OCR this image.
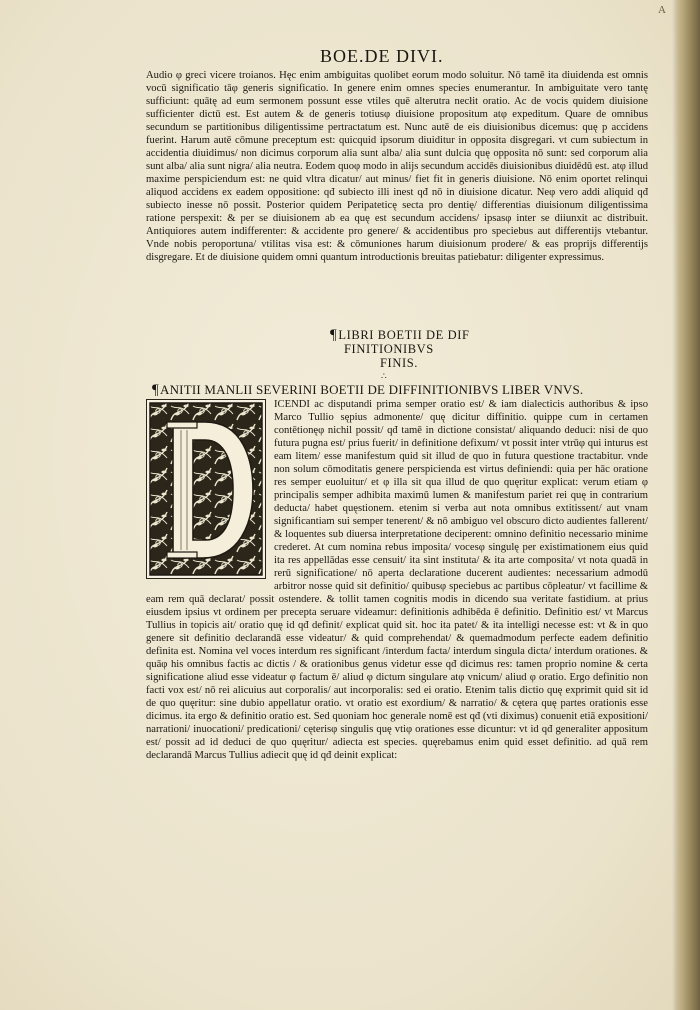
A
BOE.DE DIVI.

Audio φ greci vicere troianos. Hęc enim ambiguitas quolibet eorum modo soluitur. Nō tamē ita diuidenda est omnis vocū significatio tāφ generis significatio. In genere enim omnes species enumerantur. In ambiguitate vero tantę sufficiunt: quātę ad eum sermonem possunt esse vtiles quē alterutra necłit oratio. Ac de vocis quidem diuisione sufficienter dictū est. Est autem & de generis totiusφ diuisione propositum atφ expeditum. Quare de omnibus secundum se partitionibus diligentissime pertractatum est. Nunc autē de eis diuisionibus dicemus: quę p accidens fuerint. Harum autē cōmune preceptum est: quicquid ipsorum diuiditur in opposita disgregari. vt cum subiectum in accidentia diuidimus/ non dicimus corporum alia sunt alba/ alia sunt dulcia quę opposita nō sunt: sed corporum alia sunt alba/ alia sunt nigra/ alia neutra. Eodem quoφ modo in alijs secundum accidēs diuisionibus diuidēdū est. atφ illud maxime perspiciendum est: ne quid vltra dicatur/ aut minus/ fiet fit in generis diuisione. Nō enim oportet relinqui aliquod accidens ex eadem oppositione: qđ subiecto illi inest qđ nō in diuisione dicatur. Neφ vero addi aliquid qđ subiecto inesse nō possit. Posterior quidem Peripateticę secta pro dentię/ differentias diuisionum diligentissima ratione perspexit: & per se diuisionem ab ea quę est secundum accidens/ ipsasφ inter se diiunxit ac distribuit. Antiquiores autem indifferenter: & accidente pro genere/ & accidentibus pro speciebus aut differentijs vtebantur. Vnde nobis peroportuna/ vtilitas visa est: & cōmuniones harum diuisionum prodere/ & eas proprijs differentijs disgregare. Et de diuisione quidem omni quantum introductionis breuitas patiebatur: diligenter expressimus.

¶LIBRI BOETII DE DIF
FINITIONIBVS
FINIS.
∴
¶ANITII MANLII SEVERINI BOETII DE DIFFINITIONIBVS LIBER VNVS.

ICENDI ac disputandi prima semper oratio est/ & iam dialecticis authoribus & ipso Marco Tullio sępius admonente/ quę dicitur diffinitio. quippe cum in certamen contētionęφ nichil possit/ qđ tamē in dictione consistat/ aliquando deduci: nisi de quo futura pugna est/ prius fuerit/ in definitione defixum/ vt possit inter vtrūφ qui inturus est eam litem/ esse manifestum quid sit illud de quo in futura questione tractabitur. vnde non solum cōmoditatis genere perspicienda est virtus definiendi: quia per hāc oratione res semper euoluitur/ et φ illa sit qua illud de quo quęritur explicat: verum etiam φ principalis semper adhibita maximū lumen & manifestum pariet rei quę in contrarium deducta/ habet quęstionem. etenim si verba aut nota omnibus extitissent/ aut vnam significantiam sui semper tenerent/ & nō ambiguo vel obscuro dicto audientes fallerent/ & loquentes sub diuersa interpretatione deciperent: omnino definitio necessario minime crederet. At cum nomina rebus imposita/ vocesφ singulę per existimationem eius quid ita res appellādas esse censuit/ ita sint instituta/ & ita arte composita/ vt nota quadā in rerū significatione/ nō aperta declaratione ducerent audientes: necessarium admodū arbitror nosse quid sit definitio/ quibusφ speciebus ac partibus cōpleatur/ vt facillime & eam rem quā declarat/ possit ostendere. & tollit tamen cognitis modis in dicendo sua veritate fastidium. at prius eiusdem ipsius vt ordinem per precepta seruare videamur: definitionis adhibēda ē definitio. Definitio est/ vt Marcus Tullius in topicis ait/ oratio quę id qđ definit/ explicat quid sit. hoc ita patet/ & ita intelligi necesse est: vt & in quo genere sit definitio declarandā esse videatur/ & quid comprehendat/ & quemadmodum perfecte eadem definitio definita est. Nomina vel voces interdum res significant /interdum facta/ interdum singula dicta/ interdum orationes. & quāφ his omnibus factis ac dictis / & orationibus genus videtur esse qđ dicimus res: tamen proprio nomine & certa significatione aliud esse videatur φ factum ē/ aliud φ dictum singulare atφ vnicum/ aliud φ oratio. Ergo definitio non facti vox est/ nō rei alicuius aut corporalis/ aut incorporalis: sed ei oratio. Etenim talis dictio quę exprimit quid sit id de quo quęritur: sine dubio appellatur oratio. vt oratio est exordium/ & narratio/ & cętera quę partes orationis esse dicimus. ita ergo & definitio oratio est. Sed quoniam hoc generale nomē est qđ (vti diximus) conuenit etiā expositioni/ narrationi/ inuocationi/ predicationi/ cęterisφ singulis quę vtiφ orationes esse dicuntur: vt id qđ generaliter appositum est/ possit ad id deduci de quo quęritur/ adiecta est species. quęrebamus enim quid esset definitio. ad quā rem declarandā Marcus Tullius adiecit quę id qđ deinit explicat:
